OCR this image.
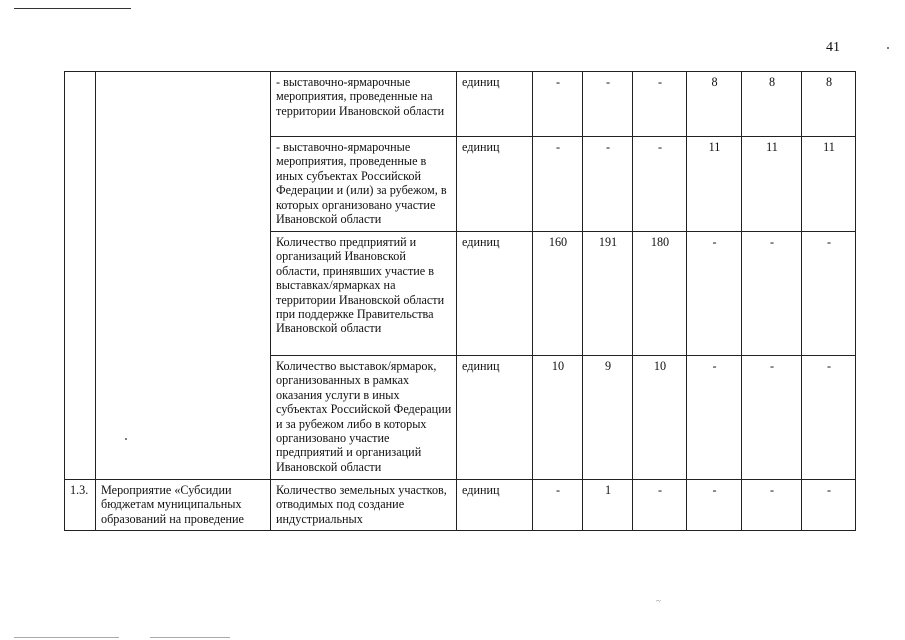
41
~
		- выставочно-ярмарочные мероприятия, проведенные на территории Ивановской области	единиц	-	-	-	8	8	8
		- выставочно-ярмарочные мероприятия, проведенные в иных субъектах Российской Федерации и (или) за рубежом, в которых организовано участие Ивановской области	единиц	-	-	-	11	11	11
		Количество предприятий и организаций Ивановской области, принявших участие в выставках/ярмарках на территории Ивановской области при поддержке Правительства Ивановской области	единиц	160	191	180	-	-	-
		Количество выставок/ярмарок, организованных в рамках оказания услуги в иных субъектах Российской Федерации и за рубежом либо в которых организовано участие предприятий и организаций Ивановской области	единиц	10	9	10	-	-	-
1.3.	Мероприятие «Субсидии бюджетам муниципальных образований на проведение	Количество земельных участков, отводимых под создание индустриальных	единиц	-	1	-	-	-	-
